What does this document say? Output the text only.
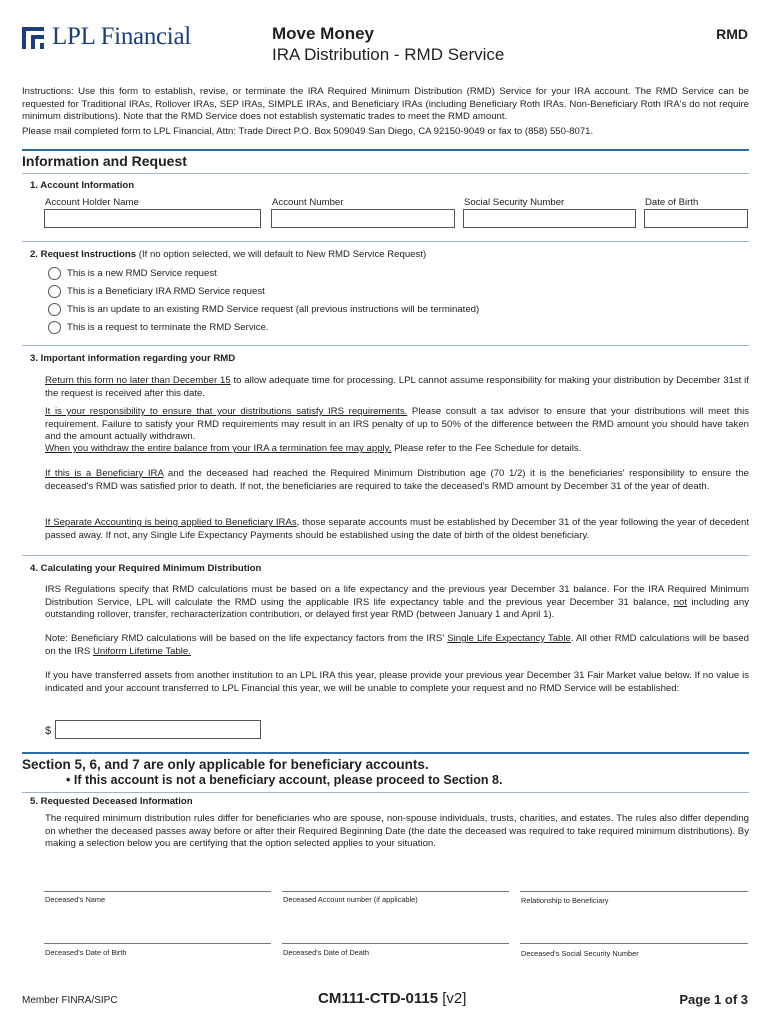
LPL Financial	Move Money
IRA Distribution - RMD Service
RMD
Instructions: Use this form to establish, revise, or terminate the IRA Required Minimum Distribution (RMD) Service for your IRA account. The RMD Service can be requested for Traditional IRAs, Rollover IRAs, SEP IRAs, SIMPLE IRAs, and Beneficiary IRAs (including Beneficiary Roth IRAs. Non-Beneficiary Roth IRA's do not require minimum distributions). Note that the RMD Service does not establish systematic trades to meet the RMD amount.
Please mail completed form to LPL Financial, Attn: Trade Direct P.O. Box 509049 San Diego, CA 92150-9049 or fax to (858) 550-8071.
Information and Request
1. Account Information
Account Holder Name	Account Number	Social Security Number	Date of Birth
2. Request Instructions (If no option selected, we will default to New RMD Service Request)
This is a new RMD Service request
This is a Beneficiary IRA RMD Service request
This is an update to an existing RMD Service request (all previous instructions will be terminated)
This is a request to terminate the RMD Service.
3. Important information regarding your RMD
Return this form no later than December 15 to allow adequate time for processing. LPL cannot assume responsibility for making your distribution by December 31st if the request is received after this date.
It is your responsibility to ensure that your distributions satisfy IRS requirements. Please consult a tax advisor to ensure that your distributions will meet this requirement. Failure to satisfy your RMD requirements may result in an IRS penalty of up to 50% of the difference between the RMD amount you should have taken and the amount actually withdrawn.
When you withdraw the entire balance from your IRA a termination fee may apply. Please refer to the Fee Schedule for details.
If this is a Beneficiary IRA and the deceased had reached the Required Minimum Distribution age (70 1/2) it is the beneficiaries' responsibility to ensure the deceased's RMD was satisfied prior to death. If not, the beneficiaries are required to take the deceased's RMD amount by December 31 of the year of death.
If Separate Accounting is being applied to Beneficiary IRAs, those separate accounts must be established by December 31 of the year following the year of decedent passed away. If not, any Single Life Expectancy Payments should be established using the date of birth of the oldest beneficiary.
4. Calculating your Required Minimum Distribution
IRS Regulations specify that RMD calculations must be based on a life expectancy and the previous year December 31 balance. For the IRA Required Minimum Distribution Service, LPL will calculate the RMD using the applicable IRS life expectancy table and the previous year December 31 balance, not including any outstanding rollover, transfer, recharacterization contribution, or delayed first year RMD (between January 1 and April 1).
Note: Beneficiary RMD calculations will be based on the life expectancy factors from the IRS' Single Life Expectancy Table. All other RMD calculations will be based on the IRS Uniform Lifetime Table.
If you have transferred assets from another institution to an LPL IRA this year, please provide your previous year December 31 Fair Market value below. If no value is indicated and your account transferred to LPL Financial this year, we will be unable to complete your request and no RMD Service will be established:
$
Section 5, 6, and 7 are only applicable for beneficiary accounts.
• If this account is not a beneficiary account, please proceed to Section 8.
5. Requested Deceased Information
The required minimum distribution rules differ for beneficiaries who are spouse, non-spouse individuals, trusts, charities, and estates. The rules also differ depending on whether the deceased passes away before or after their Required Beginning Date (the date the deceased was required to take required minimum distributions). By making a selection below you are certifying that the option selected applies to your situation.
Deceased's Name	Deceased Account number (if applicable)	Relationship to Beneficiary
Deceased's Date of Birth	Deceased's Date of Death	Deceased's Social Security Number
Member FINRA/SIPC	CM111-CTD-0115 [v2]	Page 1 of 3
